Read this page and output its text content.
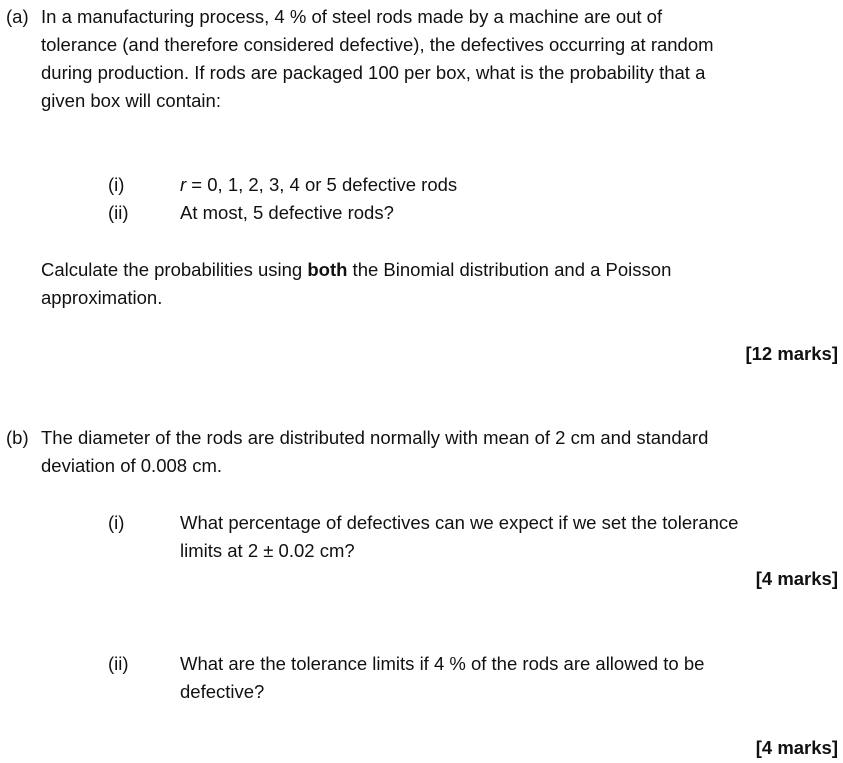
(a) In a manufacturing process, 4 % of steel rods made by a machine are out of
tolerance (and therefore considered defective), the defectives occurring at random
during production. If rods are packaged 100 per box, what is the probability that a
given box will contain:
(i)	r = 0, 1, 2, 3, 4 or 5 defective rods
(ii)	At most, 5 defective rods?
Calculate the probabilities using both the Binomial distribution and a Poisson
approximation.
[12 marks]
(b) The diameter of the rods are distributed normally with mean of 2 cm and standard
deviation of 0.008 cm.
(i)	What percentage of defectives can we expect if we set the tolerance
limits at 2 ± 0.02 cm?
[4 marks]
(ii)	What are the tolerance limits if 4 % of the rods are allowed to be
defective?
[4 marks]
